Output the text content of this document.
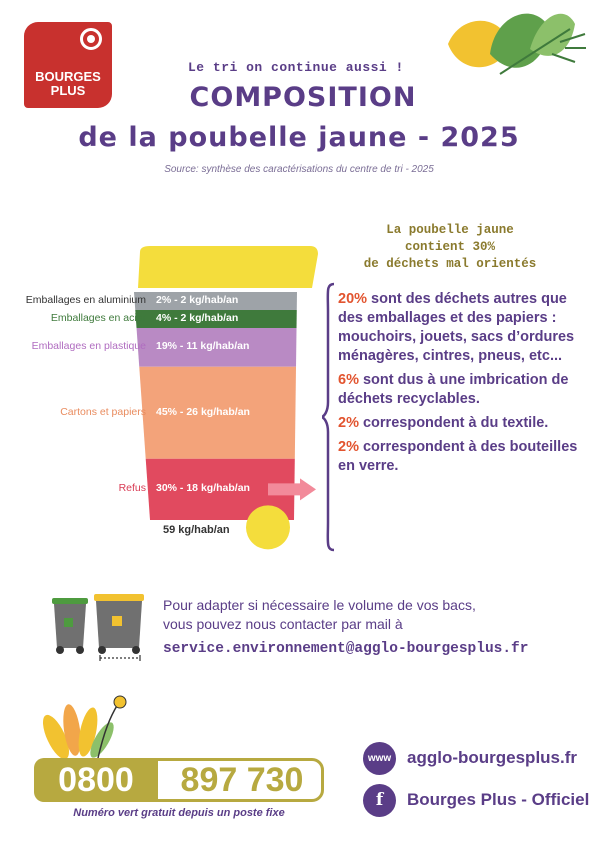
BOURGES
PLUS
Le tri on continue aussi !
COMPOSITION
de la poubelle jaune - 2025
Source: synthèse des caractérisations du centre de tri - 2025
Emballages en aluminium 2% - 2 kg/hab/an
Emballages en acier 4% - 2 kg/hab/an
Emballages en plastique 19% - 11 kg/hab/an
Cartons et papiers 45% - 26 kg/hab/an
Refus 30% - 18 kg/hab/an
59 kg/hab/an
La poubelle jaune
contient 30%
de déchets mal orientés
20% sont des déchets autres que des emballages et des papiers : mouchoirs, jouets, sacs d’ordures ménagères, cintres, pneus, etc...
6% sont dus à une imbrication de déchets recyclables.
2% correspondent à du textile.
2% correspondent à des bouteilles en verre.
Pour adapter si nécessaire le volume de vos bacs,
vous pouvez nous contacter par mail à
service.environnement@agglo-bourgesplus.fr
0800	897 730
Numéro vert gratuit depuis un poste fixe
www agglo-bourgesplus.fr
f	Bourges Plus - Officiel
